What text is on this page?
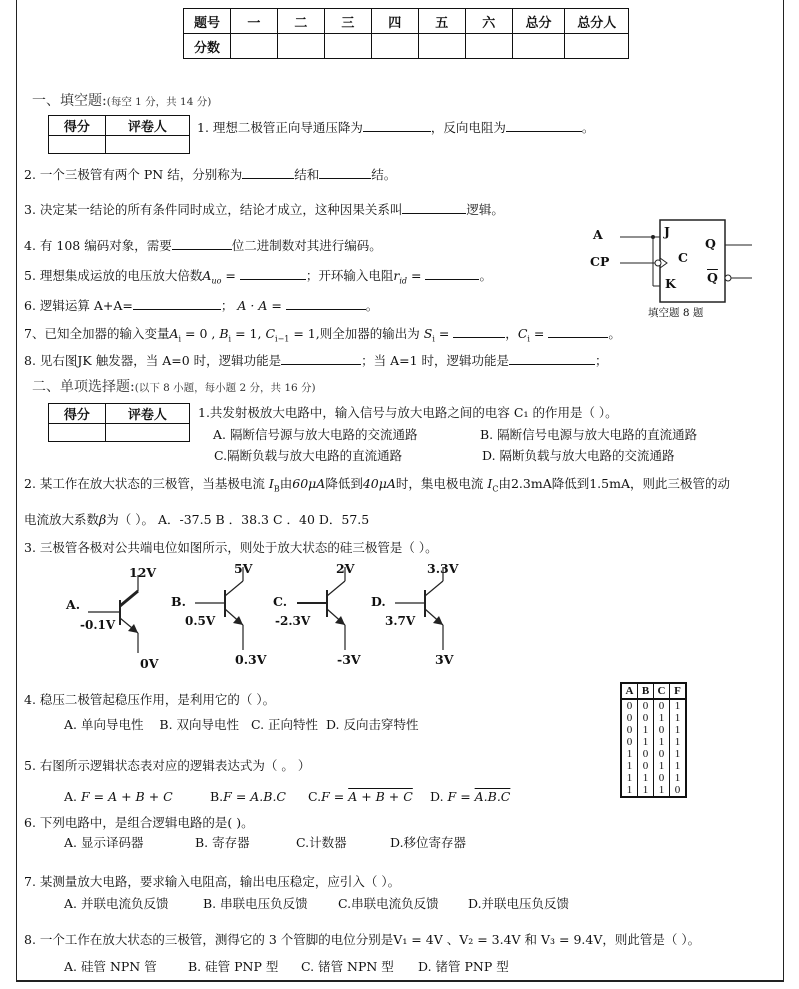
题号	一	二	三	四	五	六	总分	总分人
分数								
一、填空题:(每空 1 分，共 14 分)
得分	评卷人
	1. 理想二极管正向导通压降为	，反向电阻为	。
2. 一个三极管有两个 PN 结，分别称为	结和	结。
3. 决定某一结论的所有条件同时成立，结论才成立，这种因果关系叫	逻辑。
4. 有 108 编码对象，需要	位二进制数对其进行编码。
5. 理想集成运放的电压放大倍数$A_{uo}$ =	；开环输入电阻$r_{id}$ =	。
6. 逻辑运算 A+A=	； A · A =	。
7、已知全加器的输入变量$A_i = 0$ , $B_i = 1$, $C_{i-1} = 1$,则全加器的输出为 $S_i$ =	，$C_i$ =	。
8. 见右图JK 触发器，当 A=0 时，逻辑功能是	；当 A=1 时，逻辑功能是	；
A
CP
J
C
K
Q
$\overline{Q}$
填空题 8 题
二、单项选择题:(以下 8 小题，每小题 2 分，共 16 分)
得分	评卷人
	1.共发射极放大电路中，输入信号与放大电路之间的电容 C₁ 的作用是（ ）。
A. 隔断信号源与放大电路的交流通路	B. 隔断信号电源与放大电路的直流通路
C.隔断负载与放大电路的直流通路	D. 隔断负载与放大电路的交流通路
2. 某工作在放大状态的三极管，当基极电流 $I_B$由60μA降低到40μA时，集电极电流 $I_C$由2.3mA降低到1.5mA，则此三极管的动
电流放大系数β为（ ）。 A．-37.5 B ．38.3 C ．40 D．57.5
3. 三极管各极对公共端电位如图所示，则处于放大状态的硅三极管是（ ）。
A.
12V
-0.1V
0V
B.
5V
0.5V
0.3V
C.
2V
-2.3V
-3V
D.
3.3V
3.7V
3V
4. 稳压二极管起稳压作用，是利用它的（ ）。
A. 单向导电性 B. 双向导电性 C. 正向特性 D. 反向击穿特性
5. 右图所示逻辑状态表对应的逻辑表达式为（ 。 ）
A. F = A + B + C	B.F = A.B.C C.F = A + B + C D. F = A.B.C
A	B	C	F
0	0	0	1
0	0	1	1
0	1	0	1
0	1	1	1
1	0	0	1
1	0	1	1
1	1	0	1
1	1	1	0
6. 下列电路中，是组合逻辑电路的是( )。
A. 显示译码器	B. 寄存器	C.计数器	D.移位寄存器
7. 某测量放大电路，要求输入电阻高，输出电压稳定，应引入（ ）。
A. 并联电流负反馈	B. 串联电压负反馈 C.串联电流负反馈 D.并联电压负反馈
8. 一个工作在放大状态的三极管，测得它的 3 个管脚的电位分别是V₁ = 4V 、V₂ = 3.4V 和 V₃ = 9.4V，则此管是（ ）。
A. 硅管 NPN 管	B. 硅管 PNP 型 C. 锗管 NPN 型 D. 锗管 PNP 型
